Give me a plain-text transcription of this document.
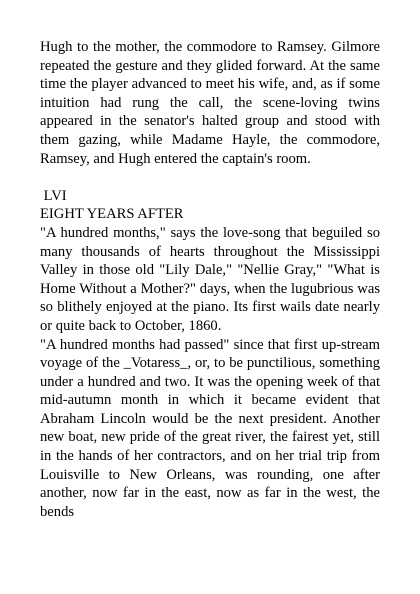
Hugh to the mother, the commodore to Ramsey. Gilmore repeated the gesture and they glided forward. At the same time the player advanced to meet his wife, and, as if some intuition had rung the call, the scene-loving twins appeared in the senator's halted group and stood with them gazing, while Madame Hayle, the commodore, Ramsey, and Hugh entered the captain's room.

LVI

EIGHT YEARS AFTER

"A hundred months," says the love-song that beguiled so many thousands of hearts throughout the Mississippi Valley in those old "Lily Dale," "Nellie Gray," "What is Home Without a Mother?" days, when the lugubrious was so blithely enjoyed at the piano. Its first wails date nearly or quite back to October, 1860.

"A hundred months had passed" since that first up-stream voyage of the _Votaress_, or, to be punctilious, something under a hundred and two. It was the opening week of that mid-autumn month in which it became evident that Abraham Lincoln would be the next president. Another new boat, new pride of the great river, the fairest yet, still in the hands of her contractors, and on her trial trip from Louisville to New Orleans, was rounding, one after another, now far in the east, now as far in the west, the bends
